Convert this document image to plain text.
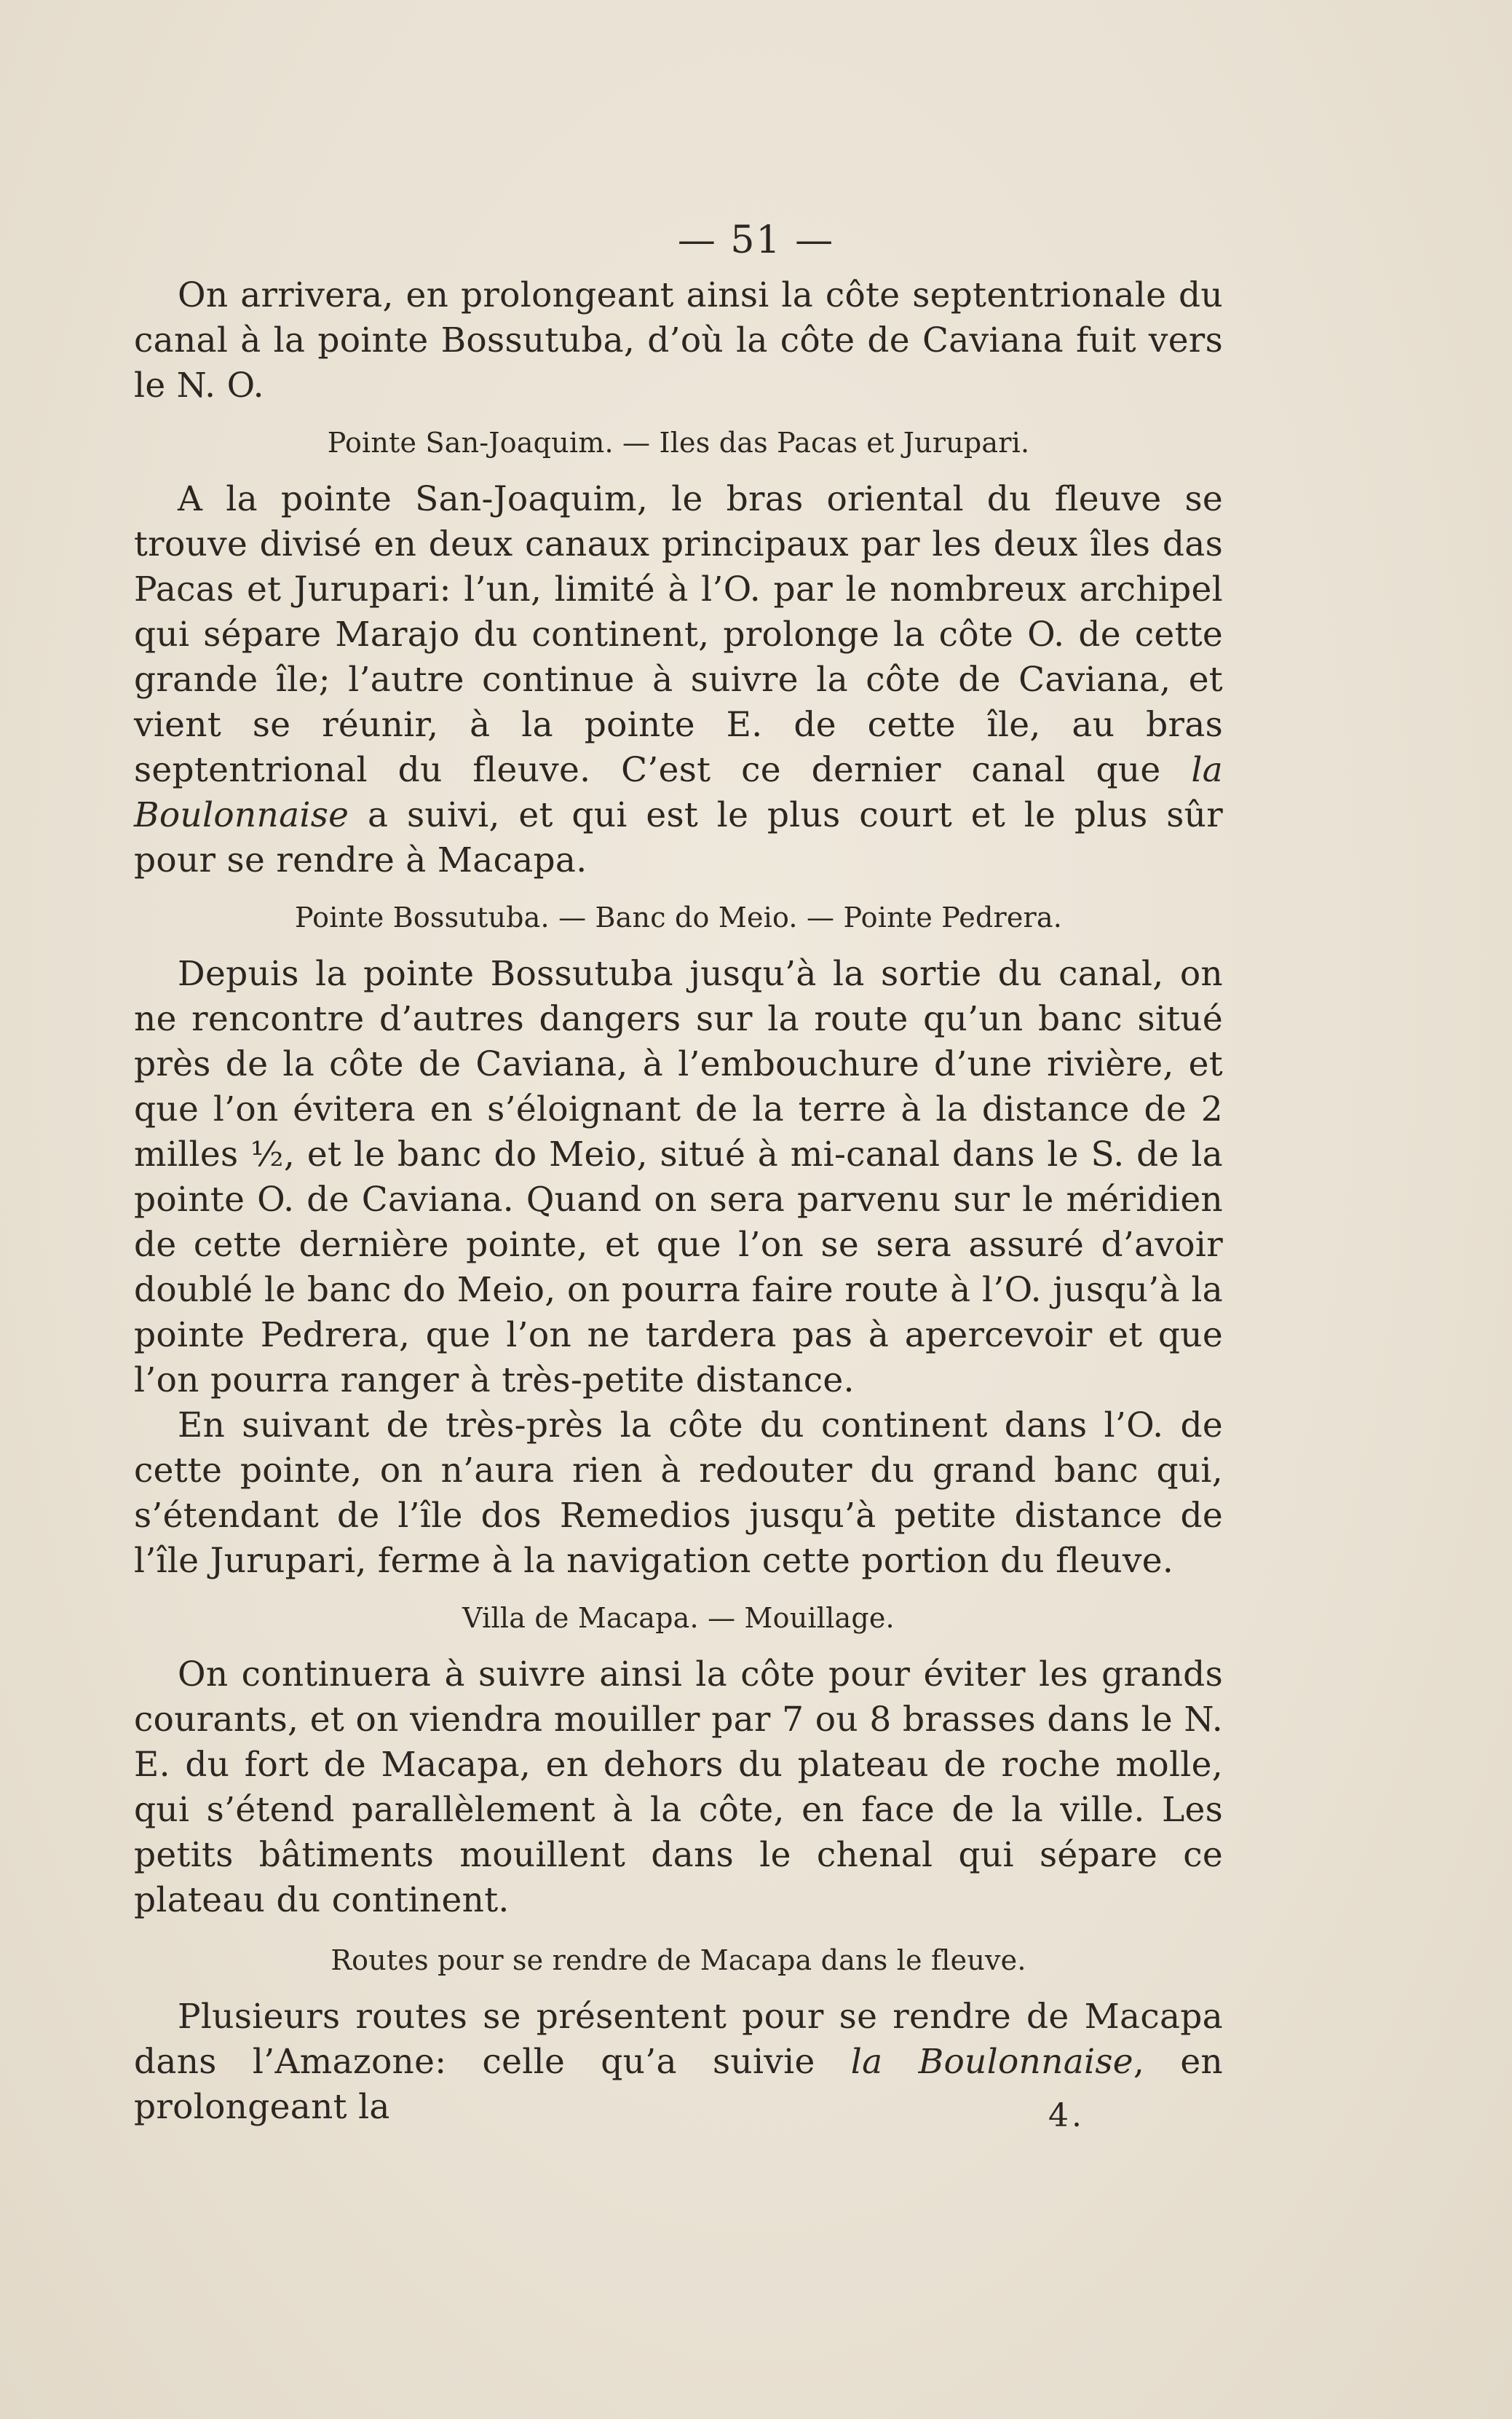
— 51 —

On arrivera, en prolongeant ainsi la côte septentrionale du canal à la pointe Bossutuba, d’où la côte de Caviana fuit vers le N. O.

Pointe San-Joaquim. — Iles das Pacas et Jurupari.

A la pointe San-Joaquim, le bras oriental du fleuve se trouve divisé en deux canaux principaux par les deux îles das Pacas et Jurupari: l’un, limité à l’O. par le nombreux archipel qui sépare Marajo du continent, prolonge la côte O. de cette grande île; l’autre continue à suivre la côte de Caviana, et vient se réunir, à la pointe E. de cette île, au bras septentrional du fleuve. C’est ce dernier canal que la Boulonnaise a suivi, et qui est le plus court et le plus sûr pour se rendre à Macapa.

Pointe Bossutuba. — Banc do Meio. — Pointe Pedrera.

Depuis la pointe Bossutuba jusqu’à la sortie du canal, on ne rencontre d’autres dangers sur la route qu’un banc situé près de la côte de Caviana, à l’embouchure d’une rivière, et que l’on évitera en s’éloignant de la terre à la distance de 2 milles ½, et le banc do Meio, situé à mi-canal dans le S. de la pointe O. de Caviana. Quand on sera parvenu sur le méridien de cette dernière pointe, et que l’on se sera assuré d’avoir doublé le banc do Meio, on pourra faire route à l’O. jusqu’à la pointe Pedrera, que l’on ne tardera pas à apercevoir et que l’on pourra ranger à très-petite distance.

En suivant de très-près la côte du continent dans l’O. de cette pointe, on n’aura rien à redouter du grand banc qui, s’étendant de l’île dos Remedios jusqu’à petite distance de l’île Jurupari, ferme à la navigation cette portion du fleuve.

Villa de Macapa. — Mouillage.

On continuera à suivre ainsi la côte pour éviter les grands courants, et on viendra mouiller par 7 ou 8 brasses dans le N. E. du fort de Macapa, en dehors du plateau de roche molle, qui s’étend parallèlement à la côte, en face de la ville. Les petits bâtiments mouillent dans le chenal qui sépare ce plateau du continent.

Routes pour se rendre de Macapa dans le fleuve.

Plusieurs routes se présentent pour se rendre de Macapa dans l’Amazone: celle qu’a suivie la Boulonnaise, en prolongeant la	4.
